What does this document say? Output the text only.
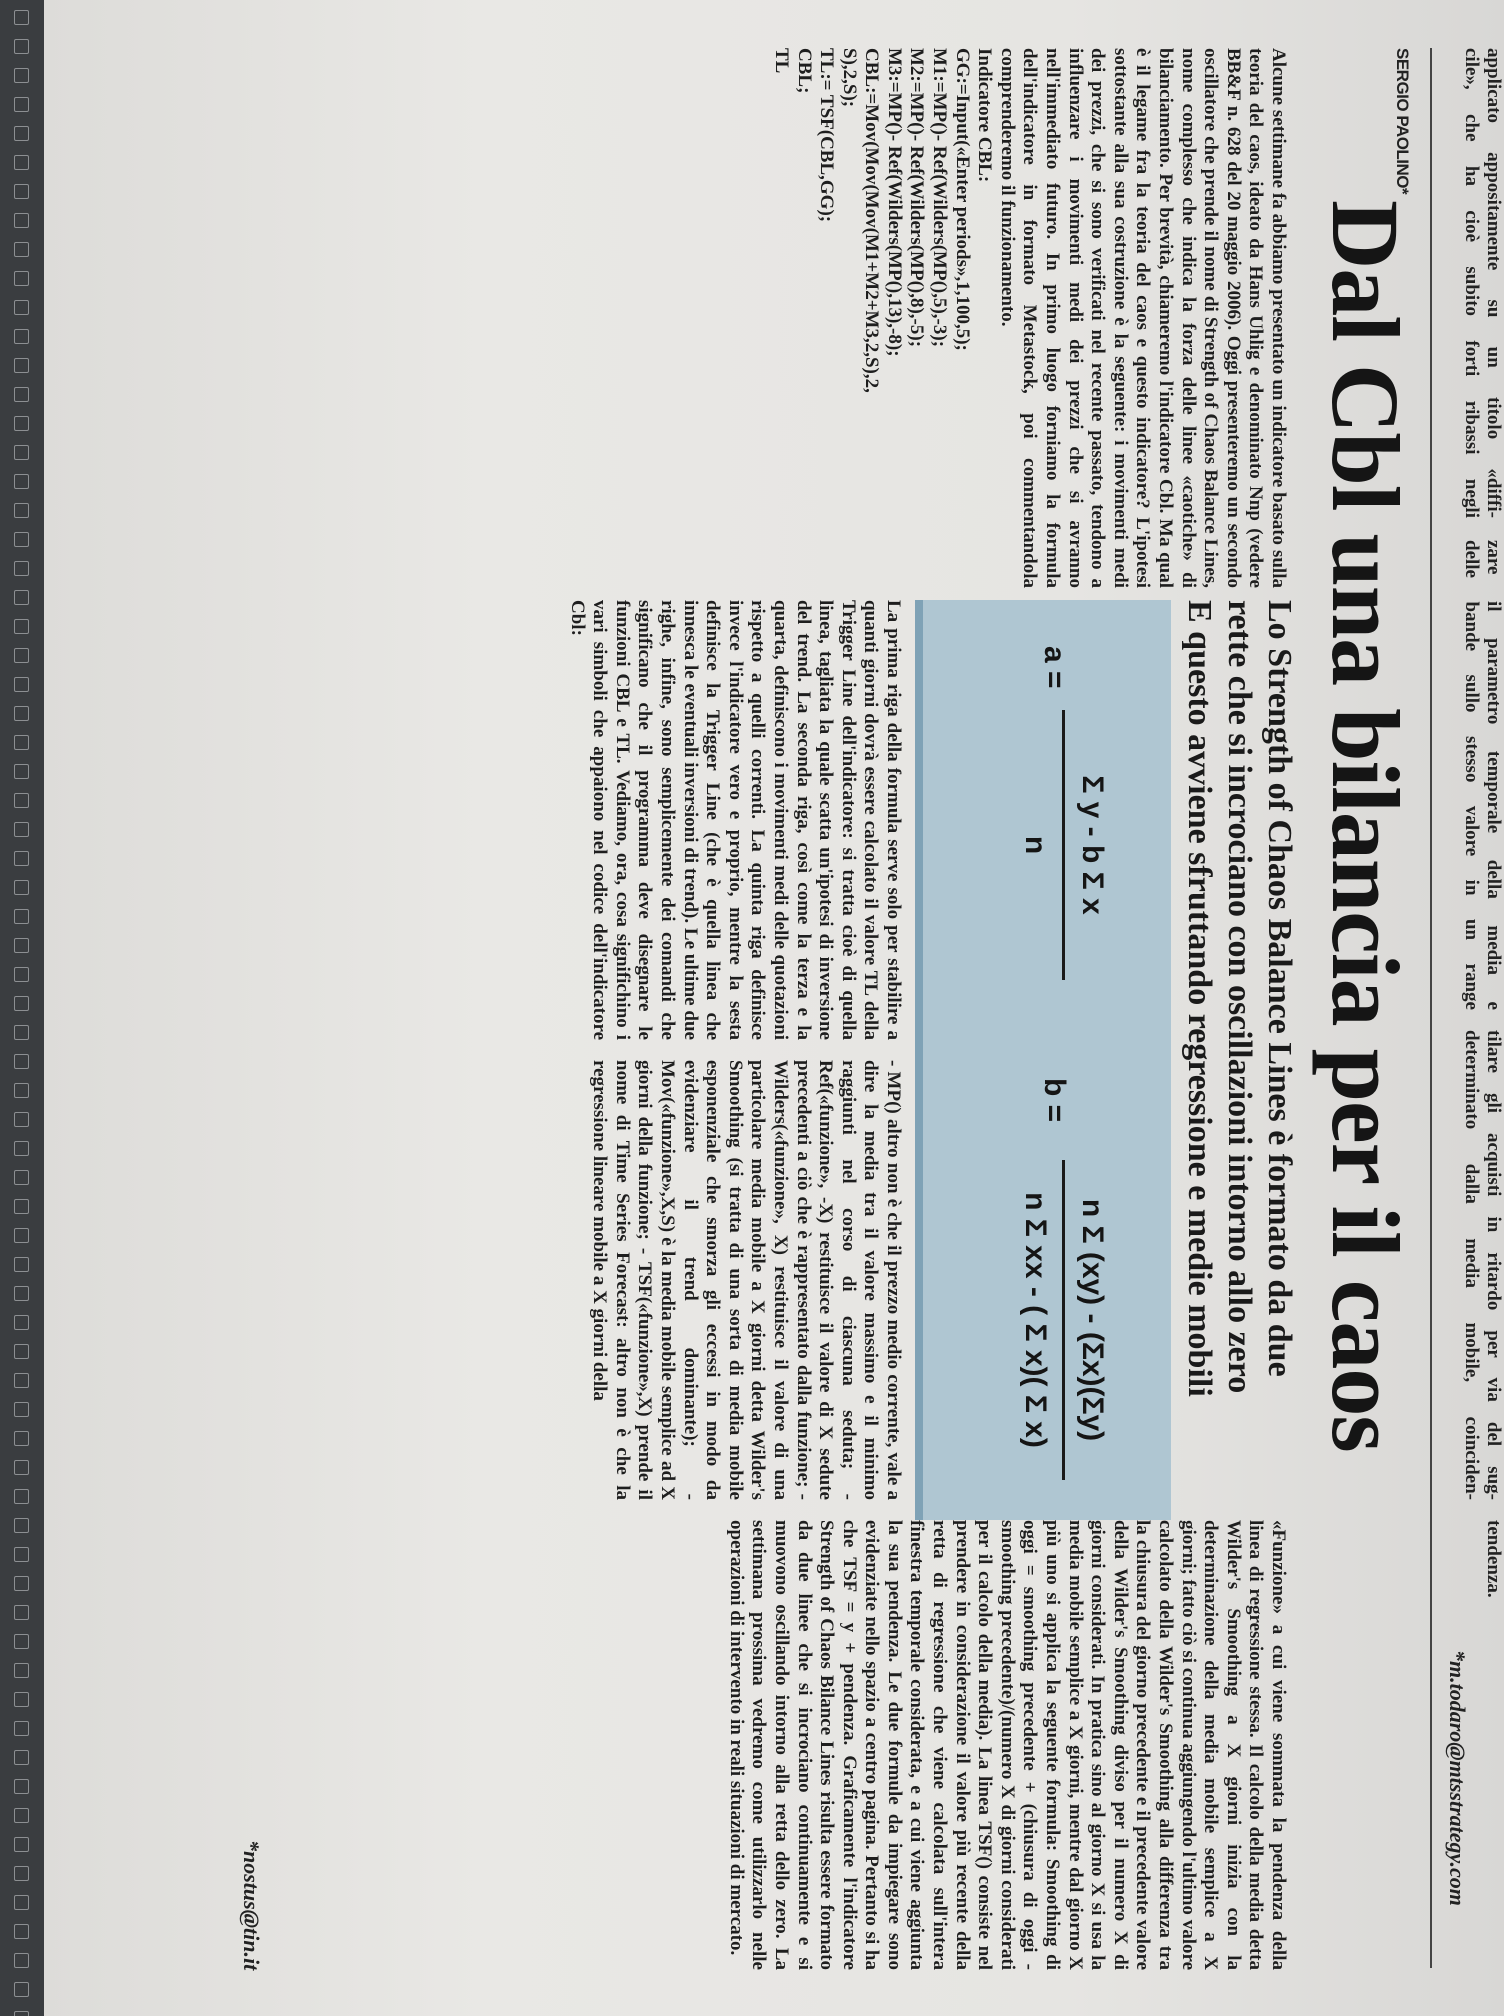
applicato appositamente su un titolo «diffi-

cile», che ha cioè subito forti ribassi negli

zare il parametro temporale della media e

delle bande sullo stesso valore in un range

tilare gli acquisti in ritardo per via del sug-

determinato dalla media mobile, coinciden-

tendenza.

*m.todaro@mtsstrategy.com
SERGIO PAOLINO*
Dal Cbl una bilancia per il caos

Lo Strength of Chaos Balance Lines è formato da due

rette che si incrociano con oscillazioni intorno allo zero

E questo avviene sfruttando regressione e medie mobili

Alcune settimane fa abbiamo presentato un indicatore basato sulla teoria del caos, ideato da Hans Uhlig e denominato Nnp (vedere BB&F n. 628 del 20 maggio 2006). Oggi presenteremo un secondo oscillatore che prende il nome di Strength of Chaos Balance Lines, nome complesso che indica la forza delle linee «caotiche» di bilanciamento. Per brevità, chiameremo l'indicatore Cbl. Ma qual è il legame fra la teoria del caos e questo indicatore? L'ipotesi sottostante alla sua costruzione è la seguente: i movimenti medi dei prezzi, che si sono verificati nel recente passato, tendono a influenzare i movimenti medi dei prezzi che si avranno nell'immediato futuro. In primo luogo forniamo la formula dell'indicatore in formato Metastock, poi commentandola comprenderemo il funzionamento.

Indicatore CBL:
GG:=Input(«Enter periods»,1,100,5);
M1:=MP()- Ref(Wilders(MP(),5),-3);
M2:=MP()- Ref(Wilders(MP(),8),-5);
M3:=MP()- Ref(Wilders(MP(),13),-8);
CBL:=Mov(Mov(Mov(M1+M2+M3,2,S),2,
S),2,S);
TL:= TSF(CBL,GG);
CBL;
TL
a =
Σ y - b Σ x
n
b =
n Σ (xy) - (Σx)(Σy)
n Σ xx - ( Σ x)( Σ x)

La prima riga della formula serve solo per stabilire a quanti giorni dovrà essere calcolato il valore TL della Trigger Line dell'indicatore: si tratta cioè di quella linea, tagliata la quale scatta un'ipotesi di inversione del trend. La seconda riga, così come la terza e la quarta, definiscono i movimenti medi delle quotazioni rispetto a quelli correnti. La quinta riga definisce invece l'indicatore vero e proprio, mentre la sesta definisce la Trigger Line (che è quella linea che innesca le eventuali inversioni di trend). Le ultime due righe, infine, sono semplicemente dei comandi che significano che il programma deve disegnare le funzioni CBL e TL. Vediamo, ora, cosa significhino i vari simboli che appaiono nel codice dell'indicatore Cbl:

- MP() altro non è che il prezzo medio corrente, vale a dire la media tra il valore massimo e il minimo raggiunti nel corso di ciascuna seduta; - Ref(«funzione», -X) restituisce il valore di X sedute precedenti a ciò che è rappresentato dalla funzione; - Wilders(«funzione», X) restituisce il valore di una particolare media mobile a X giorni detta Wilder's Smoothing (si tratta di una sorta di media mobile esponenziale che smorza gli eccessi in modo da evidenziare il trend dominante); - Mov(«funzione»,X,S) è la media mobile semplice ad X giorni della funzione; - TSF(«funzione»,X) prende il nome di Time Series Forecast: altro non è che la regressione lineare mobile a X giorni della

«Funzione» a cui viene sommata la pendenza della linea di regressione stessa. Il calcolo della media detta Wilder's Smoothing a X giorni inizia con la determinazione della media mobile semplice a X giorni; fatto ciò si continua aggiungendo l'ultimo valore calcolato della Wilder's Smoothing alla differenza tra la chiusura del giorno precedente e il precedente valore della Wilder's Smoothing diviso per il numero X di giorni considerati. In pratica sino al giorno X si usa la media mobile semplice a X giorni, mentre dal giorno X più uno si applica la seguente formula: Smoothing di oggi = smoothing precedente + (chiusura di oggi - smoothing precedente)/(numero X di giorni considerati per il calcolo della media). La linea TSF() consiste nel prendere in considerazione il valore più recente della retta di regressione che viene calcolata sull'intera finestra temporale considerata, e a cui viene aggiunta la sua pendenza. Le due formule da impiegare sono evidenziate nello spazio a centro pagina. Pertanto si ha che TSF = y + pendenza. Graficamente l'indicatore Strength of Chaos Bilance Lines risulta essere formato da due linee che si incrociano continuamente e si muovono oscillando intorno alla retta dello zero. La settimana prossima vedremo come utilizzarlo nelle operazioni di intervento in reali situazioni di mercato.

*nostus@tin.it
